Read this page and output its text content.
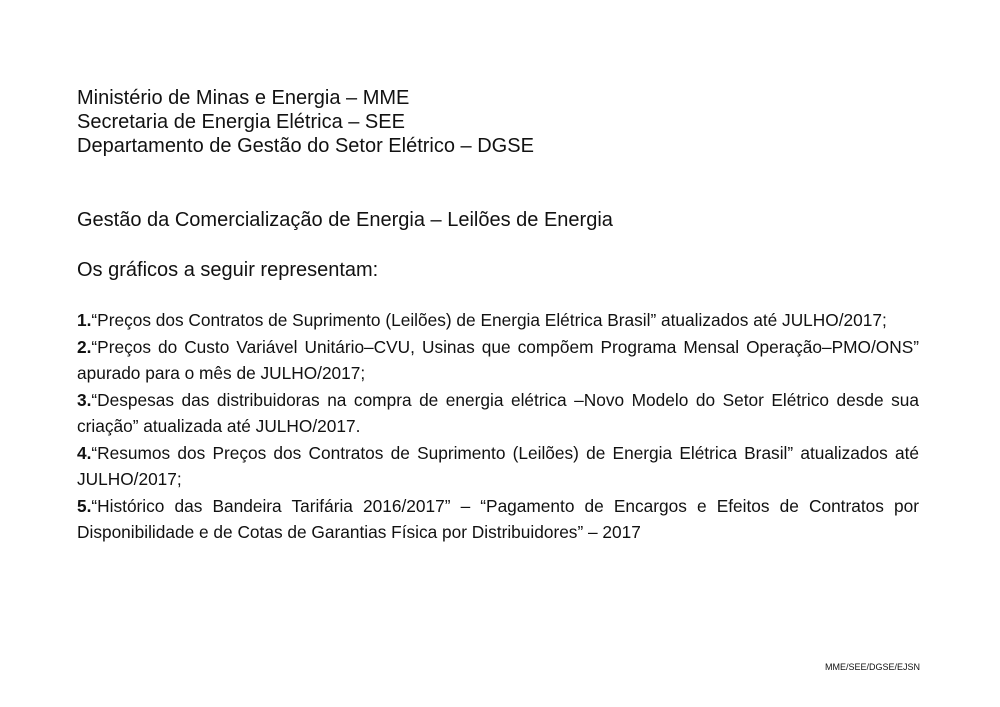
Ministério de Minas e Energia – MME
Secretaria de Energia Elétrica – SEE
Departamento de Gestão do Setor Elétrico – DGSE
Gestão da Comercialização de Energia – Leilões de Energia
Os gráficos a seguir representam:

1.“Preços dos Contratos de Suprimento (Leilões) de Energia Elétrica Brasil” atualizados até JULHO/2017;

2.“Preços do Custo Variável Unitário–CVU, Usinas que compõem Programa Mensal Operação–PMO/ONS” apurado para o mês de JULHO/2017;

3.“Despesas das distribuidoras na compra de energia elétrica –Novo Modelo do Setor Elétrico desde sua criação” atualizada até JULHO/2017.

4.“Resumos dos Preços dos Contratos de Suprimento (Leilões) de Energia Elétrica Brasil” atualizados até JULHO/2017;

5.“Histórico das Bandeira Tarifária 2016/2017” – “Pagamento de Encargos e Efeitos de Contratos por Disponibilidade e de Cotas de Garantias Física por Distribuidores” – 2017

MME/SEE/DGSE/EJSN
